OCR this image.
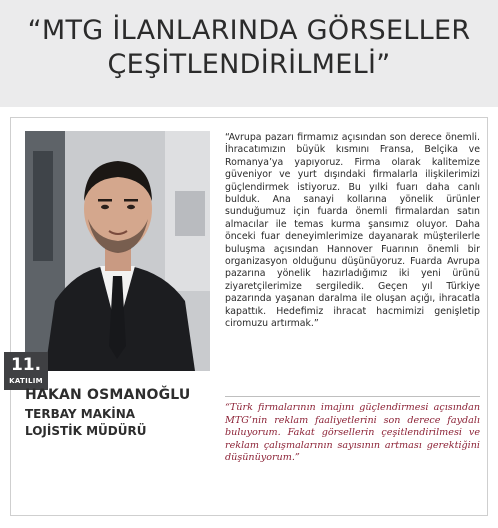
“MTG İLANLARINDA GÖRSELLER
ÇEŞİTLENDİRİLMELİ”
11.
KATILIM
HAKAN OSMANOĞLU
TERBAY MAKİNA
LOJİSTİK MÜDÜRÜ

“Avrupa pazarı firmamız açısından son derece önemli. İhracatımızın büyük kısmını Fransa, Belçika ve Romanya’ya yapıyoruz. Firma olarak kalitemize güveniyor ve yurt dışındaki firmalarla ilişkilerimizi güçlendirmek istiyoruz. Bu yılki fuarı daha canlı bulduk. Ana sanayi kollarına yönelik ürünler sunduğumuz için fuarda önemli firmalardan satın almacılar ile temas kurma şansımız oluyor. Daha önceki fuar deneyimlerimize dayanarak müşterilerle buluşma açısından Hannover Fuarının önemli bir organizasyon olduğunu düşünüyoruz. Fuarda Avrupa pazarına yönelik hazırladığımız iki yeni ürünü ziyaretçilerimize sergiledik. Geçen yıl Türkiye pazarında yaşanan daralma ile oluşan açığı, ihracatla kapattık. Hedefimiz ihracat hacmimizi genişletip ciromuzu artırmak.”

“Türk firmalarının imajını güçlendirmesi açısından MTG’nin reklam faaliyetlerini son derece faydalı buluyorum. Fakat görsellerin çeşitlendirilmesi ve reklam çalışmalarının sayısının artması gerektiğini düşünüyorum.”
